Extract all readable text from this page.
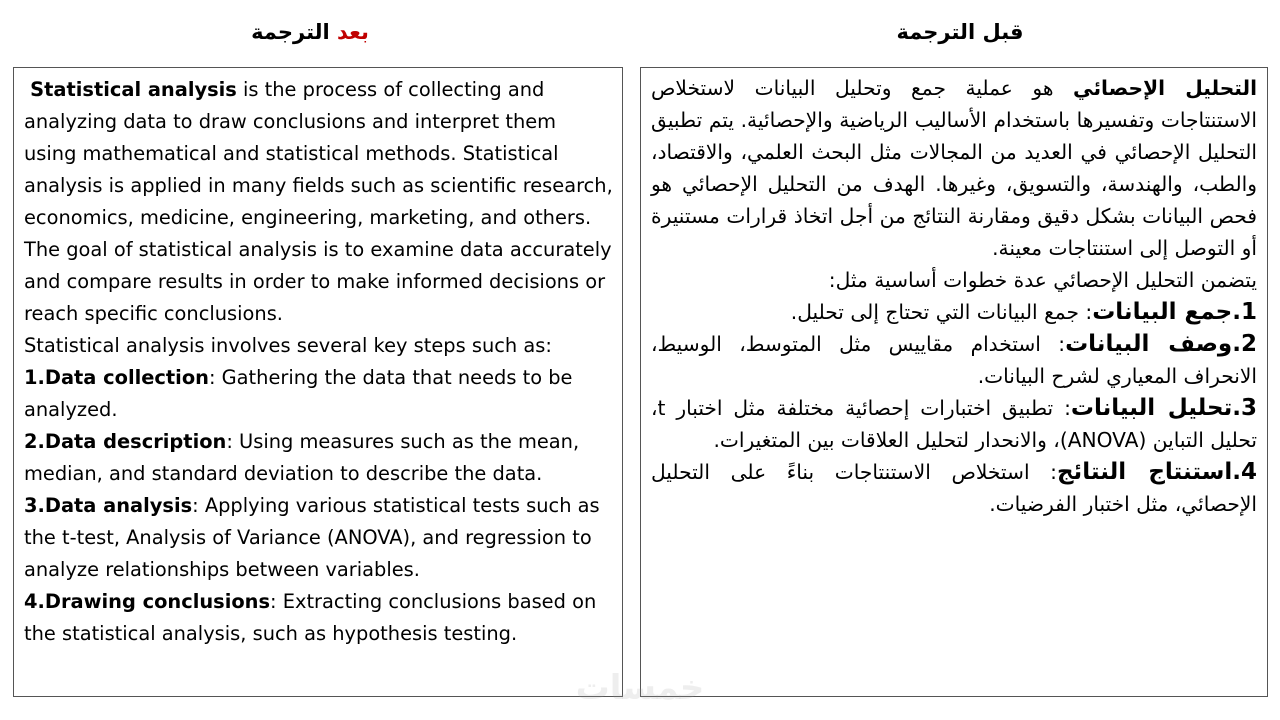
بعد الترجمة	قبل الترجمة

Statistical analysis is the process of collecting and analyzing data to draw conclusions and interpret them using mathematical and statistical methods. Statistical analysis is applied in many fields such as scientific research, economics, medicine, engineering, marketing, and others. The goal of statistical analysis is to examine data accurately and compare results in order to make informed decisions or reach specific conclusions.

Statistical analysis involves several key steps such as:

1.Data collection: Gathering the data that needs to be analyzed.

2.Data description: Using measures such as the mean, median, and standard deviation to describe the data.

3.Data analysis: Applying various statistical tests such as the t-test, Analysis of Variance (ANOVA), and regression to analyze relationships between variables.

4.Drawing conclusions: Extracting conclusions based on the statistical analysis, such as hypothesis testing.

التحليل الإحصائي هو عملية جمع وتحليل البيانات لاستخلاص الاستنتاجات وتفسيرها باستخدام الأساليب الرياضية والإحصائية. يتم تطبيق التحليل الإحصائي في العديد من المجالات مثل البحث العلمي، والاقتصاد، والطب، والهندسة، والتسويق، وغيرها. الهدف من التحليل الإحصائي هو فحص البيانات بشكل دقيق ومقارنة النتائج من أجل اتخاذ قرارات مستنيرة أو التوصل إلى استنتاجات معينة.

يتضمن التحليل الإحصائي عدة خطوات أساسية مثل:

1.جمع البيانات: جمع البيانات التي تحتاج إلى تحليل.

2.وصف البيانات: استخدام مقاييس مثل المتوسط، الوسيط، الانحراف المعياري لشرح البيانات.

3.تحليل البيانات: تطبيق اختبارات إحصائية مختلفة مثل اختبار t، تحليل التباين (ANOVA)، والانحدار لتحليل العلاقات بين المتغيرات.

4.استنتاج النتائج: استخلاص الاستنتاجات بناءً على التحليل الإحصائي، مثل اختبار الفرضيات.

خمسات
